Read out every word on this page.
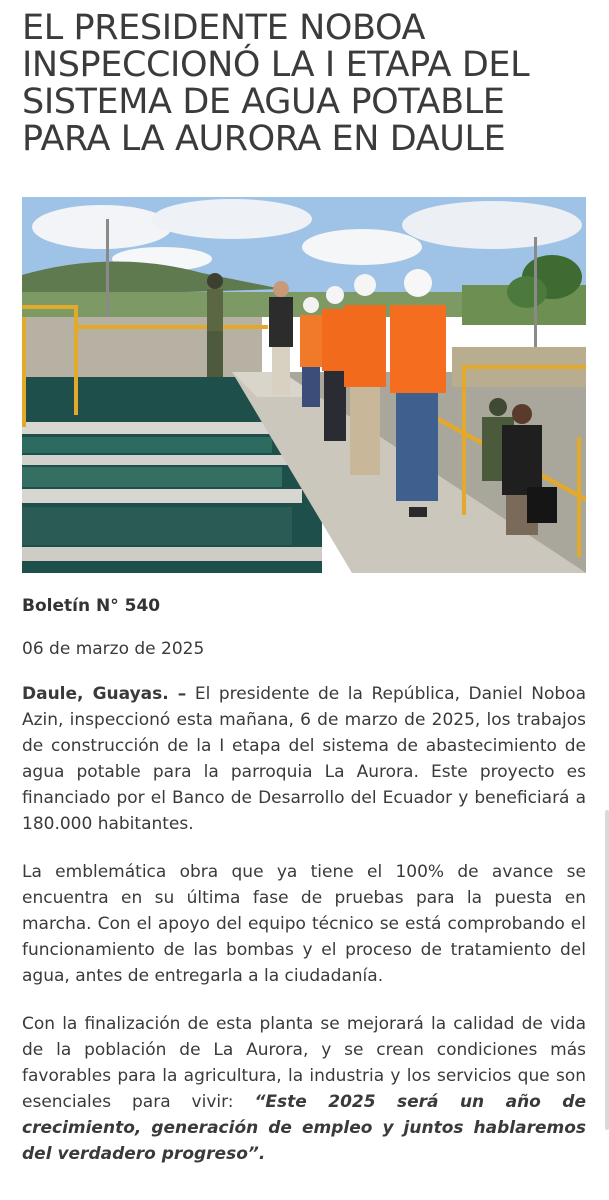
EL PRESIDENTE NOBOA INSPECCIONÓ LA I ETAPA DEL SISTEMA DE AGUA POTABLE PARA LA AURORA EN DAULE
Boletín N° 540
06 de marzo de 2025

Daule, Guayas. – El presidente de la República, Daniel Noboa Azin, inspeccionó esta mañana, 6 de marzo de 2025, los trabajos de construcción de la I etapa del sistema de abastecimiento de agua potable para la parroquia La Aurora. Este proyecto es financiado por el Banco de Desarrollo del Ecuador y beneficiará a 180.000 habitantes.

La emblemática obra que ya tiene el 100% de avance se encuentra en su última fase de pruebas para la puesta en marcha. Con el apoyo del equipo técnico se está comprobando el funcionamiento de las bombas y el proceso de tratamiento del agua, antes de entregarla a la ciudadanía.

Con la finalización de esta planta se mejorará la calidad de vida de la población de La Aurora, y se crean condiciones más favorables para la agricultura, la industria y los servicios que son esenciales para vivir: “Este 2025 será un año de crecimiento, generación de empleo y juntos hablaremos del verdadero progreso”.
